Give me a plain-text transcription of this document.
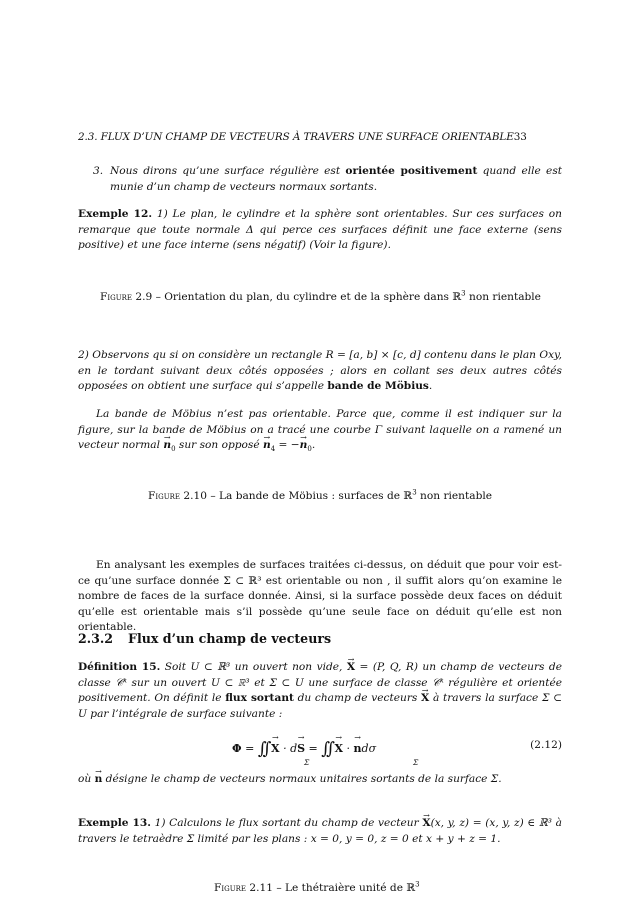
2.3. FLUX D’UN CHAMP DE VECTEURS À TRAVERS UNE SURFACE ORIENTABLE33
3. Nous dirons qu’une surface régulière est orientée positivement quand elle est munie d’un champ de vecteurs normaux sortants.
Exemple 12. 1) Le plan, le cylindre et la sphère sont orientables. Sur ces surfaces on remarque que toute normale Δ qui perce ces surfaces définit une face externe (sens positive) et une face interne (sens négatif) (Voir la figure).
Figure 2.9 – Orientation du plan, du cylindre et de la sphère dans ℝ$^3$ non rientable
2) Observons qu si on considère un rectangle R = [a, b] × [c, d] contenu dans le plan Oxy, en le tordant suivant deux côtés opposées ; alors en collant ses deux autres côtés opposées on obtient une surface qui s’appelle bande de Möbius.
La bande de Möbius n’est pas orientable. Parce que, comme il est indiquer sur la figure, sur la bande de Möbius on a tracé une courbe Γ suivant laquelle on a ramené un vecteur normal → $n_0$ sur son opposé → $n_4$ = −→ $n_0$.
Figure 2.10 – La bande de Möbius : surfaces de ℝ$^3$ non rientable
En analysant les exemples de surfaces traitées ci-dessus, on déduit que pour voir est-ce qu’une surface donnée Σ ⊂ ℝ³ est orientable ou non , il suffit alors qu’on examine le nombre de faces de la surface donnée. Ainsi, si la surface possède deux faces on déduit qu’elle est orientable mais s’il possède qu’une seule face on déduit qu’elle est non orientable.
2.3.2 Flux d’un champ de vecteurs
Définition 15. Soit U ⊂ ℝ³ un ouvert non vide, → X = (P, Q, R) un champ de vecteurs de classe 𝒞ᵏ sur un ouvert U ⊂ ℝ³ et Σ ⊂ U une surface de classe 𝒞ᵏ régulière et orientée positivement. On définit le flux sortant du champ de vecteurs → X à travers la surface Σ ⊂ U par l’intégrale de surface suivante :
Φ = ∫∫
Σ
→ X · d→ S = ∫∫
Σ
→ X · → ndσ	(2.12)
où → n désigne le champ de vecteurs normaux unitaires sortants de la surface Σ.
Exemple 13. 1) Calculons le flux sortant du champ de vecteur → X(x, y, z) = (x, y, z) ∈ ℝ³ à travers le tetraèdre Σ limité par les plans : x = 0, y = 0, z = 0 et x + y + z = 1.
Figure 2.11 – Le thétraière unité de ℝ$^3$
